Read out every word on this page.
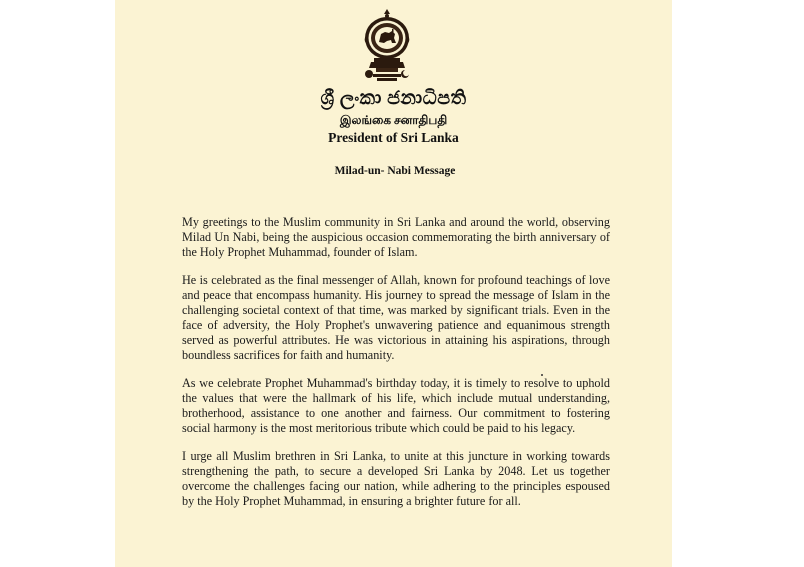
ශ්‍රී ලංකා ජනාධිපති
இலங்கை சனாதிபதி
President of Sri Lanka
Milad-un- Nabi Message

My greetings to the Muslim community in Sri Lanka and around the world, observing Milad Un Nabi, being the auspicious occasion commemorating the birth anniversary of the Holy Prophet Muhammad, founder of Islam.

He is celebrated as the final messenger of Allah, known for profound teachings of love and peace that encompass humanity. His journey to spread the message of Islam in the challenging societal context of that time, was marked by significant trials. Even in the face of adversity, the Holy Prophet's unwavering patience and equanimous strength served as powerful attributes. He was victorious in attaining his aspirations, through boundless sacrifices for faith and humanity.

As we celebrate Prophet Muhammad's birthday today, it is timely to resolve to uphold the values that were the hallmark of his life, which include mutual understanding, brotherhood, assistance to one another and fairness. Our commitment to fostering social harmony is the most meritorious tribute which could be paid to his legacy.

I urge all Muslim brethren in Sri Lanka, to unite at this juncture in working towards strengthening the path, to secure a developed Sri Lanka by 2048. Let us together overcome the challenges facing our nation, while adhering to the principles espoused by the Holy Prophet Muhammad, in ensuring a brighter future for all.
